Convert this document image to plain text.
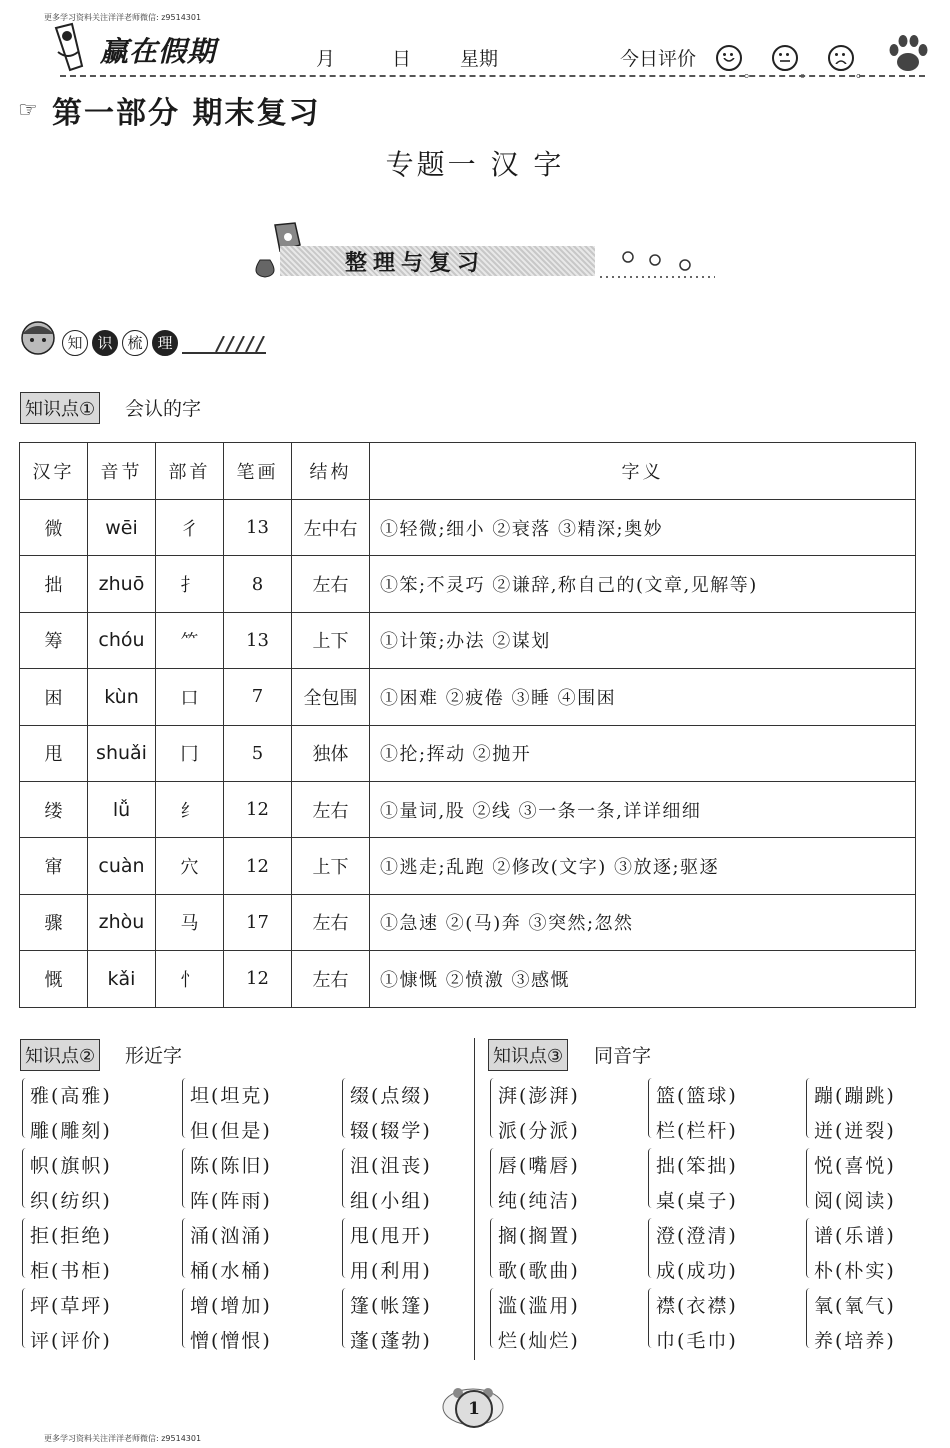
更多学习资料关注洋洋老师微信: z9514301
更多学习资料关注洋洋老师微信: z9514301
赢在假期	月	日	星期	今日评价
。	。	。
☞ 第一部分 期末复习
专题一 汉 字
整理与复习
知 识 梳 理
知识点① 会认的字
汉字	音节	部首	笔画	结构	字义
微	wēi	彳	13	左中右	①轻微;细小 ②衰落 ③精深;奥妙
拙	zhuō	扌	8	左右	①笨;不灵巧 ②谦辞,称自己的(文章,见解等)
筹	chóu	⺮	13	上下	①计策;办法 ②谋划
困	kùn	口	7	全包围	①困难 ②疲倦 ③睡 ④围困
甩	shuǎi	冂	5	独体	①抡;挥动 ②抛开
缕	lǚ	纟	12	左右	①量词,股 ②线 ③一条一条,详详细细
窜	cuàn	穴	12	上下	①逃走;乱跑 ②修改(文字) ③放逐;驱逐
骤	zhòu	马	17	左右	①急速 ②(马)奔 ③突然;忽然
慨	kǎi	忄	12	左右	①慷慨 ②愤激 ③感慨
知识点② 形近字	知识点③ 同音字
雅(高雅)
雕(雕刻)
坦(坦克)
但(但是)
缀(点缀)
辍(辍学)
帜(旗帜)
织(纺织)
陈(陈旧)
阵(阵雨)
沮(沮丧)
组(小组)
拒(拒绝)
柜(书柜)
涌(汹涌)
桶(水桶)
甩(甩开)
用(利用)
坪(草坪)
评(评价)
增(增加)
憎(憎恨)
篷(帐篷)
蓬(蓬勃)
湃(澎湃)
派(分派)
篮(篮球)
栏(栏杆)
蹦(蹦跳)
迸(迸裂)
唇(嘴唇)
纯(纯洁)
拙(笨拙)
桌(桌子)
悦(喜悦)
阅(阅读)
搁(搁置)
歌(歌曲)
澄(澄清)
成(成功)
谱(乐谱)
朴(朴实)
滥(滥用)
烂(灿烂)
襟(衣襟)
巾(毛巾)
氧(氧气)
养(培养)
1
